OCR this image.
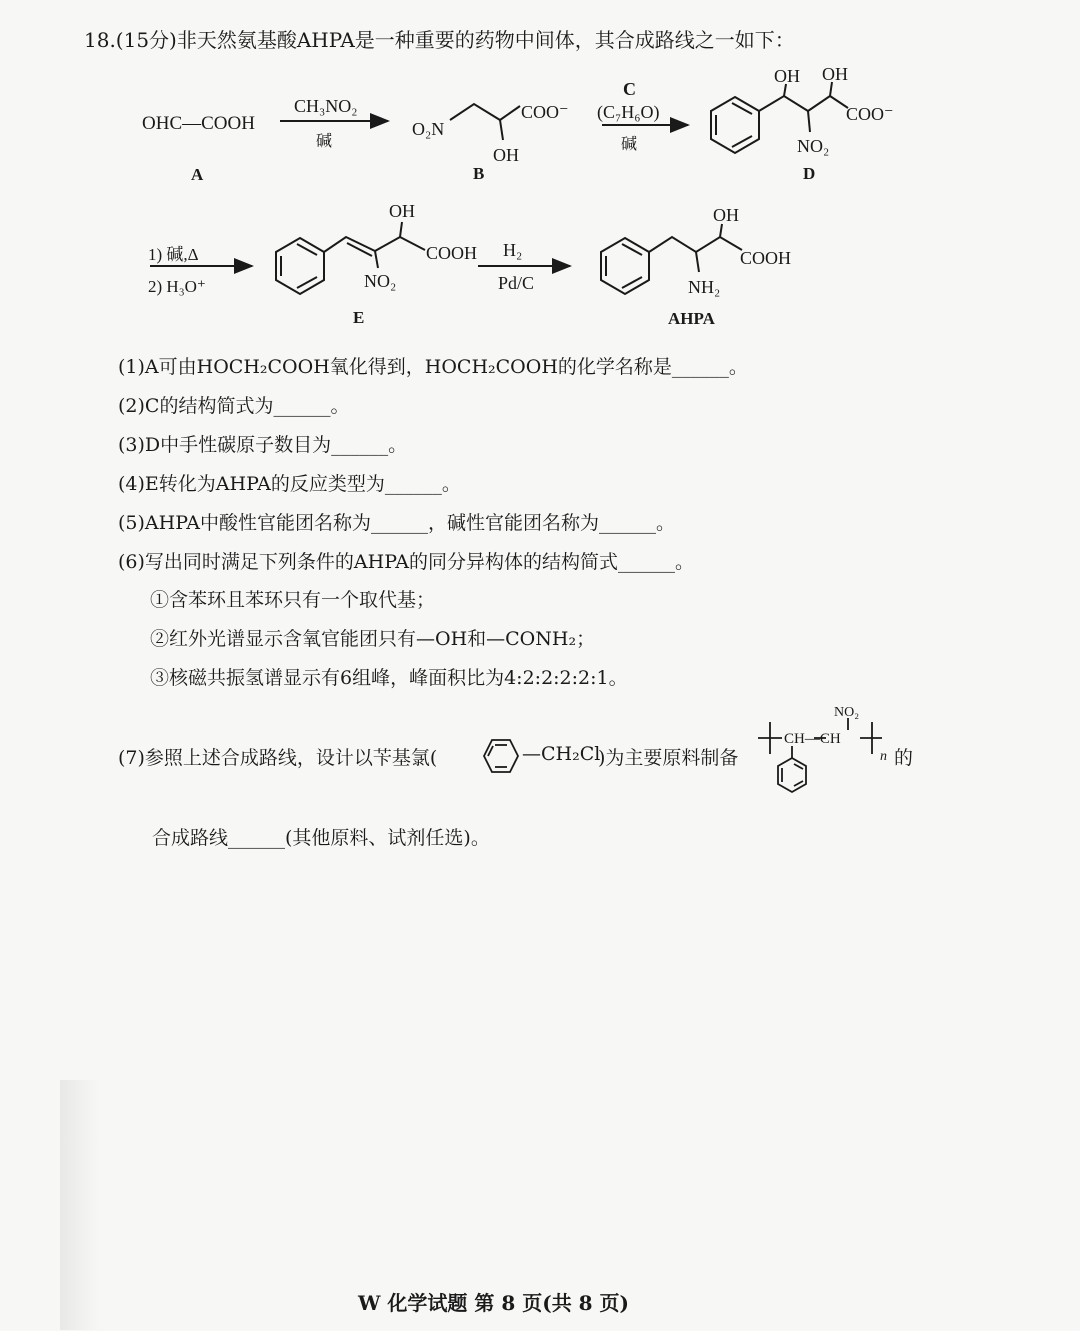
18.(15分)非天然氨基酸AHPA是一种重要的药物中间体，其合成路线之一如下：
OHC—COOH
A
CH₃NO₂
碱
O₂N
COO⁻
OH
B
C
(C₇H₆O)
碱
OH OH
COO⁻
NO₂
D
1) 碱,Δ
2) H₃O⁺
OH
COOH
NO₂
E
H₂
Pd/C
OH
COOH
NH₂
AHPA
(1)A可由HOCH₂COOH氧化得到，HOCH₂COOH的化学名称是______。
(2)C的结构简式为______。
(3)D中手性碳原子数目为______。
(4)E转化为AHPA的反应类型为______。
(5)AHPA中酸性官能团名称为______，碱性官能团名称为______。
(6)写出同时满足下列条件的AHPA的同分异构体的结构简式______。
①含苯环且苯环只有一个取代基；
②红外光谱显示含氧官能团只有—OH和—CONH₂；
③核磁共振氢谱显示有6组峰，峰面积比为4:2:2:2:2:1。
(7)参照上述合成路线，设计以苄基氯(	—CH₂Cl
)为主要原料制备
CH—CH
NO₂
n 的
合成路线______(其他原料、试剂任选)。
W 化学试题 第 8 页(共 8 页)
